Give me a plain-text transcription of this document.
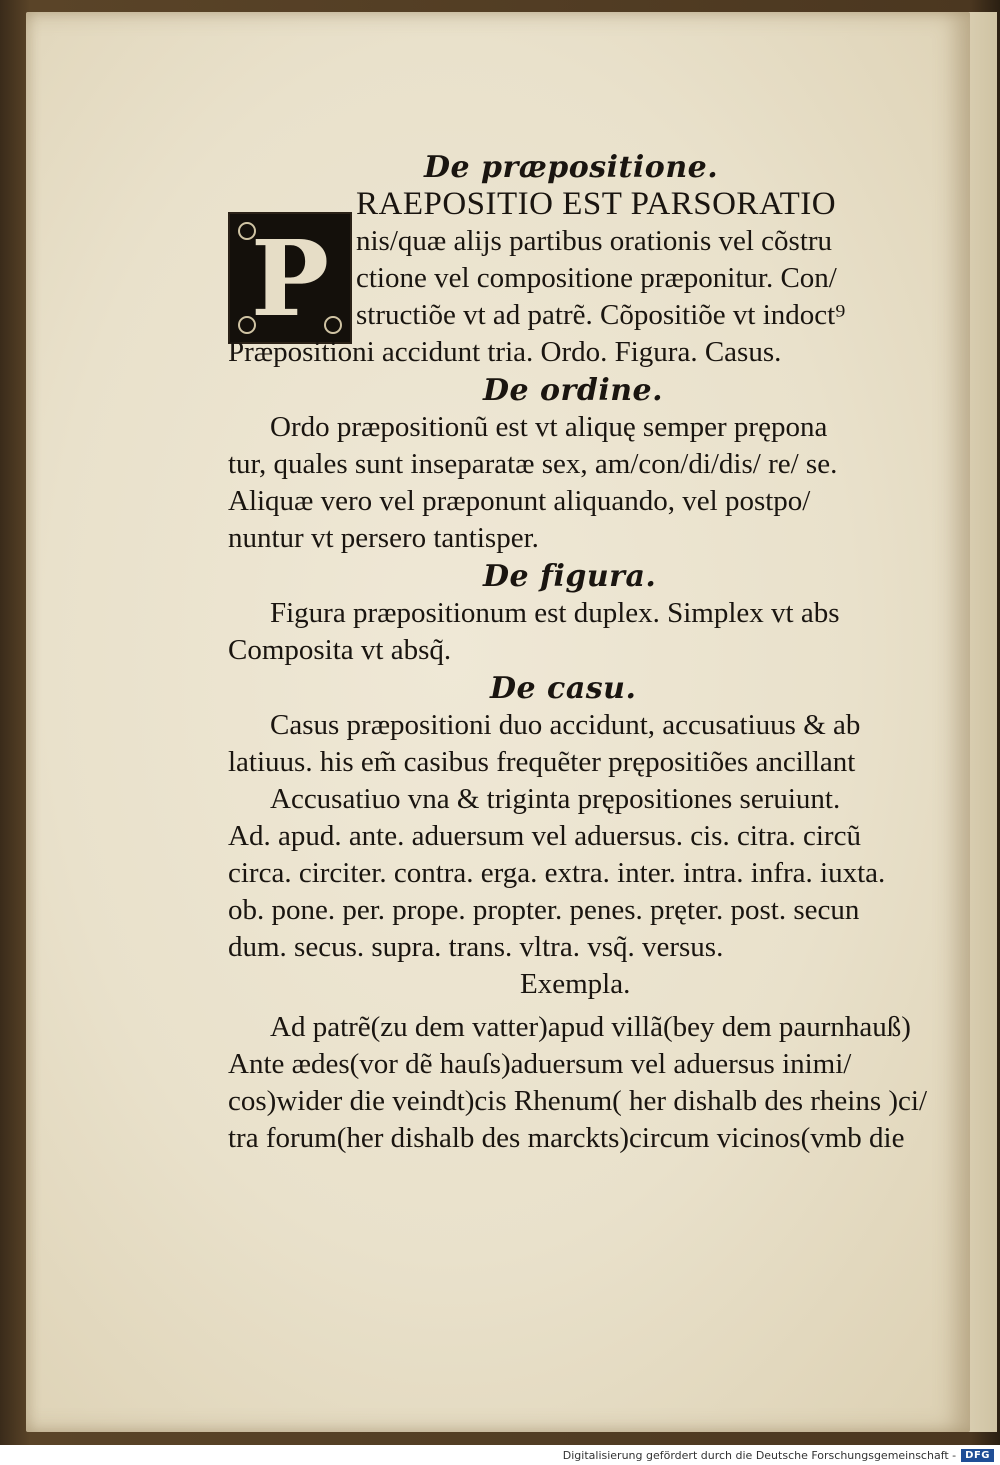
P
De præpositione.
RAEPOSITIO EST PARSORATIO
nis/quæ alijs partibus orationis vel cõstru
ctione vel compositione præponitur. Con/
structiõe vt ad patrẽ. Cõpositiõe vt indoct⁹
Præpositioni accidunt tria. Ordo. Figura. Casus.
De ordine.
Ordo præpositionũ est vt aliquę semper prępona
tur, quales sunt inseparatæ sex, am/con/di/dis/ re/ se.
Aliquæ vero vel præponunt aliquando, vel postpo/
nuntur vt persero tantisper.
De figura.
Figura præpositionum est duplex. Simplex vt abs
Composita vt absq̃.
De casu.
Casus præpositioni duo accidunt, accusatiuus & ab
latiuus. his em̃ casibus frequẽter prępositiões ancillant
Accusatiuo vna & triginta prępositiones seruiunt.
Ad. apud. ante. aduersum vel aduersus. cis. citra. circũ
circa. circiter. contra. erga. extra. inter. intra. infra. iuxta.
ob. pone. per. prope. propter. penes. pręter. post. secun
dum. secus. supra. trans. vltra. vsq̃. versus.
Exempla.
Ad patrẽ(zu dem vatter)apud villã(bey dem paurnhauß)
Ante ædes(vor dẽ hauſs)aduersum vel aduersus inimi/
cos)wider die veindt)cis Rhenum( her dishalb des rheins )ci/
tra forum(her dishalb des marckts)circum vicinos(vmb die
Digitalisierung gefördert durch die Deutsche Forschungsgemeinschaft - DFG
